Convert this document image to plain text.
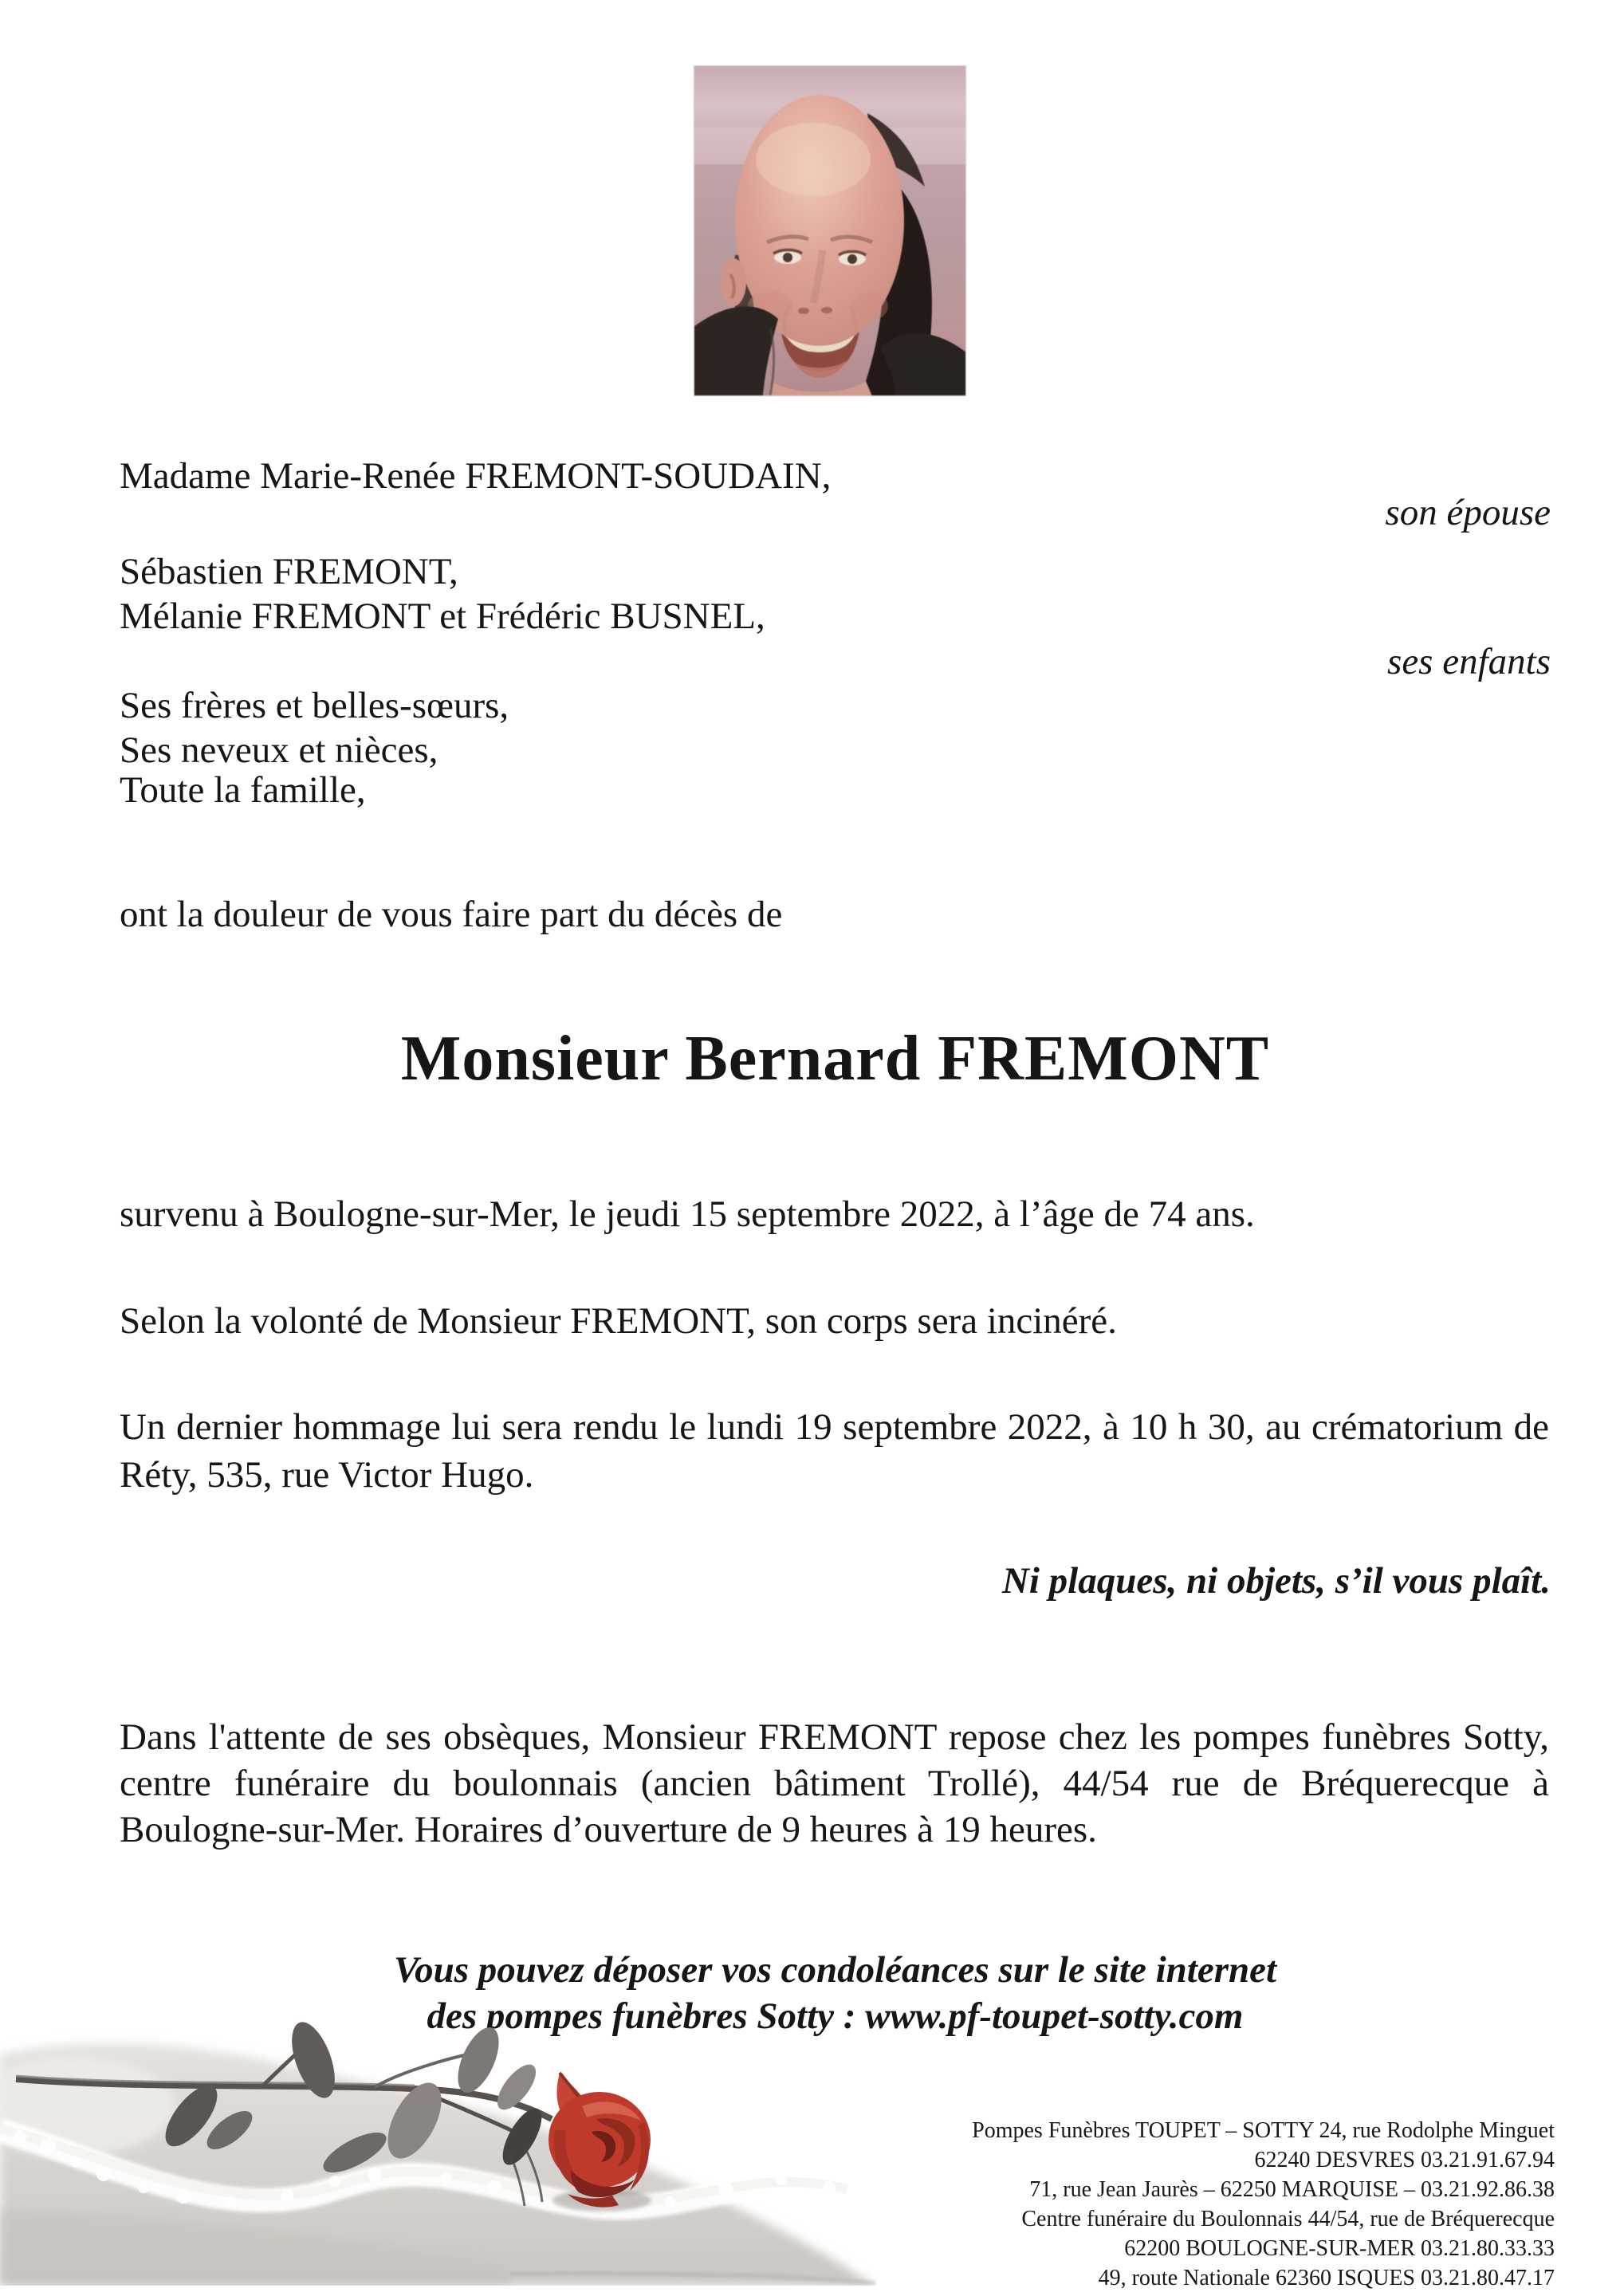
Madame Marie-Renée FREMONT-SOUDAIN,
son épouse
Sébastien FREMONT,
Mélanie FREMONT et Frédéric BUSNEL,
ses enfants
Ses frères et belles-sœurs,
Ses neveux et nièces,
Toute la famille,
ont la douleur de vous faire part du décès de
Monsieur Bernard FREMONT
survenu à Boulogne-sur-Mer, le jeudi 15 septembre 2022, à l’âge de 74 ans.
Selon la volonté de Monsieur FREMONT, son corps sera incinéré.
Un dernier hommage lui sera rendu le lundi 19 septembre 2022, à 10 h 30, au crématorium de Réty, 535, rue Victor Hugo.
Ni plaques, ni objets, s’il vous plaît.
Dans l'attente de ses obsèques, Monsieur FREMONT repose chez les pompes funèbres Sotty, centre funéraire du boulonnais (ancien bâtiment Trollé), 44/54 rue de Bréquerecque à Boulogne-sur-Mer. Horaires d’ouverture de 9 heures à 19 heures.
Vous pouvez déposer vos condoléances sur le site internet
des pompes funèbres Sotty : www.pf-toupet-sotty.com
Pompes Funèbres TOUPET – SOTTY 24, rue Rodolphe Minguet
62240 DESVRES 03.21.91.67.94
71, rue Jean Jaurès – 62250 MARQUISE – 03.21.92.86.38
Centre funéraire du Boulonnais 44/54, rue de Bréquerecque
62200 BOULOGNE-SUR-MER 03.21.80.33.33
49, route Nationale 62360 ISQUES 03.21.80.47.17
